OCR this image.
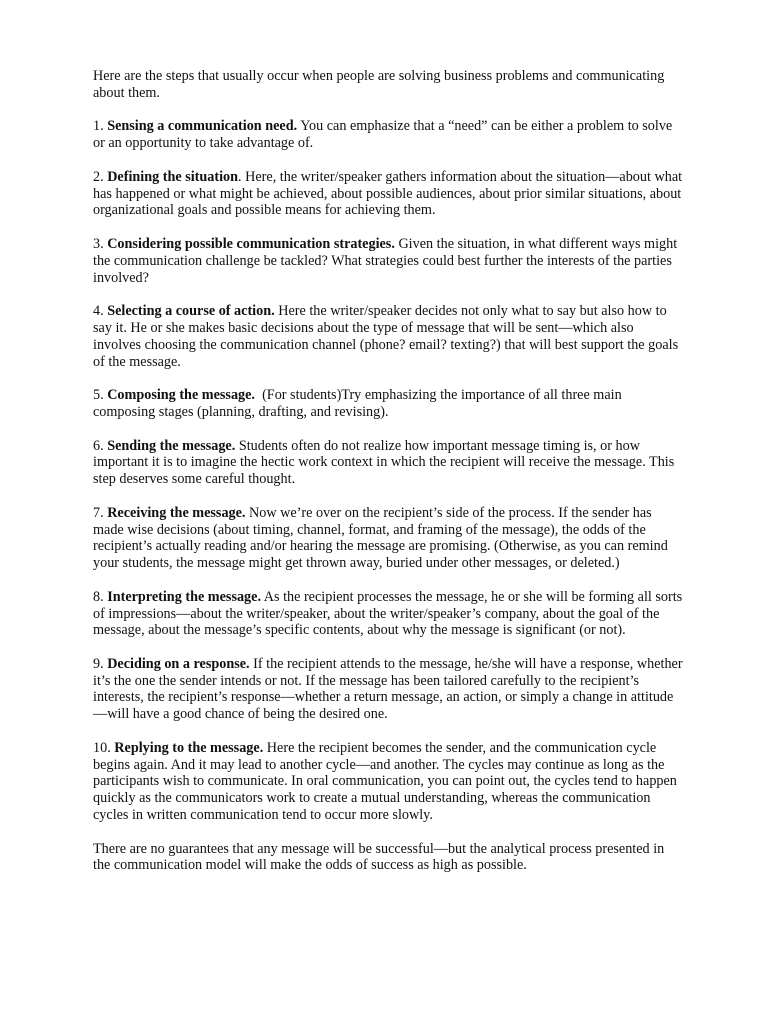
Here are the steps that usually occur when people are solving business problems and communicating about them.

1. Sensing a communication need. You can emphasize that a “need” can be either a problem to solve or an opportunity to take advantage of.

2. Defining the situation. Here, the writer/speaker gathers information about the situation—about what has happened or what might be achieved, about possible audiences, about prior similar situations, about organizational goals and possible means for achieving them.

3. Considering possible communication strategies. Given the situation, in what different ways might the communication challenge be tackled? What strategies could best further the interests of the parties involved?

4. Selecting a course of action. Here the writer/speaker decides not only what to say but also how to say it. He or she makes basic decisions about the type of message that will be sent—which also involves choosing the communication channel (phone? email? texting?) that will best support the goals of the message.

5. Composing the message. (For students)Try emphasizing the importance of all three main composing stages (planning, drafting, and revising).

6. Sending the message. Students often do not realize how important message timing is, or how important it is to imagine the hectic work context in which the recipient will receive the message. This step deserves some careful thought.

7. Receiving the message. Now we’re over on the recipient’s side of the process. If the sender has made wise decisions (about timing, channel, format, and framing of the message), the odds of the recipient’s actually reading and/or hearing the message are promising. (Otherwise, as you can remind your students, the message might get thrown away, buried under other messages, or deleted.)

8. Interpreting the message. As the recipient processes the message, he or she will be forming all sorts of impressions—about the writer/speaker, about the writer/speaker’s company, about the goal of the message, about the message’s specific contents, about why the message is significant (or not).

9. Deciding on a response. If the recipient attends to the message, he/she will have a response, whether it’s the one the sender intends or not. If the message has been tailored carefully to the recipient’s interests, the recipient’s response—whether a return message, an action, or simply a change in attitude—will have a good chance of being the desired one.

10. Replying to the message. Here the recipient becomes the sender, and the communication cycle begins again. And it may lead to another cycle—and another. The cycles may continue as long as the participants wish to communicate. In oral communication, you can point out, the cycles tend to happen quickly as the communicators work to create a mutual understanding, whereas the communication cycles in written communication tend to occur more slowly.

There are no guarantees that any message will be successful—but the analytical process presented in the communication model will make the odds of success as high as possible.
